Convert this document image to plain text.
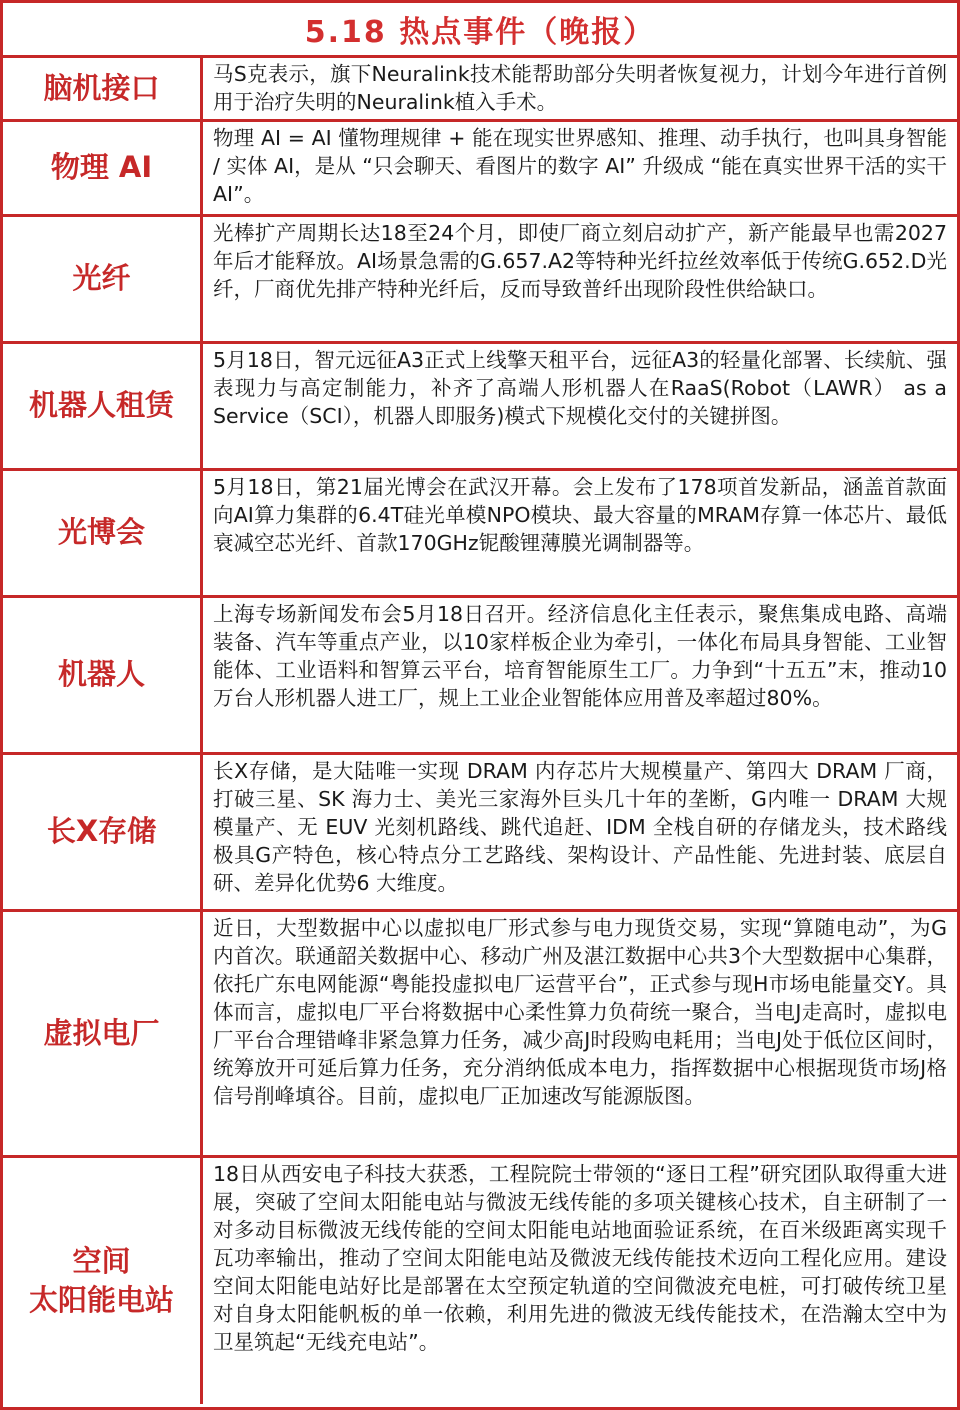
5.18 热点事件（晚报）
脑机接口	马S克表示，旗下Neuralink技术能帮助部分失明者恢复视力，计划今年进行首例用于治疗失明的Neuralink植入手术。
物理 AI
物理 AI = AI 懂物理规律 + 能在现实世界感知、推理、动手执行，也叫具身智能 / 实体 AI，是从 “只会聊天、看图片的数字 AI” 升级成 “能在真实世界干活的实干 AI”。
光纤
光棒扩产周期长达18至24个月，即使厂商立刻启动扩产，新产能最早也需2027年后才能释放。AI场景急需的G.657.A2等特种光纤拉丝效率低于传统G.652.D光纤，厂商优先排产特种光纤后，反而导致普纤出现阶段性供给缺口。
机器人租赁
5月18日，智元远征A3正式上线擎天租平台，远征A3的轻量化部署、长续航、强表现力与高定制能力，补齐了高端人形机器人在RaaS(Robot（LAWR） as a Service（SCI），机器人即服务)模式下规模化交付的关键拼图。
光博会
5月18日，第21届光博会在武汉开幕。会上发布了178项首发新品，涵盖首款面向AI算力集群的6.4T硅光单模NPO模块、最大容量的MRAM存算一体芯片、最低衰减空芯光纤、首款170GHz铌酸锂薄膜光调制器等。
机器人
上海专场新闻发布会5月18日召开。经济信息化主任表示，聚焦集成电路、高端装备、汽车等重点产业，以10家样板企业为牵引，一体化布局具身智能、工业智能体、工业语料和智算云平台，培育智能原生工厂。力争到“十五五”末，推动10万台人形机器人进工厂，规上工业企业智能体应用普及率超过80%。
长X存储
长X存储，是大陆唯一实现 DRAM 内存芯片大规模量产、第四大 DRAM 厂商，打破三星、SK 海力士、美光三家海外巨头几十年的垄断，G内唯一 DRAM 大规模量产、无 EUV 光刻机路线、跳代追赶、IDM 全栈自研的存储龙头，技术路线极具G产特色，核心特点分工艺路线、架构设计、产品性能、先进封装、底层自研、差异化优势6 大维度。
虚拟电厂
近日，大型数据中心以虚拟电厂形式参与电力现货交易，实现“算随电动”，为G内首次。联通韶关数据中心、移动广州及湛江数据中心共3个大型数据中心集群，依托广东电网能源“粤能投虚拟电厂运营平台”，正式参与现H市场电能量交Y。具体而言，虚拟电厂平台将数据中心柔性算力负荷统一聚合，当电J走高时，虚拟电厂平台合理错峰非紧急算力任务，减少高J时段购电耗用；当电J处于低位区间时，统筹放开可延后算力任务，充分消纳低成本电力，指挥数据中心根据现货市场J格信号削峰填谷。目前，虚拟电厂正加速改写能源版图。
空间
太阳能电站
18日从西安电子科技大获悉，工程院院士带领的“逐日工程”研究团队取得重大进展，突破了空间太阳能电站与微波无线传能的多项关键核心技术，自主研制了一对多动目标微波无线传能的空间太阳能电站地面验证系统，在百米级距离实现千瓦功率输出，推动了空间太阳能电站及微波无线传能技术迈向工程化应用。建设空间太阳能电站好比是部署在太空预定轨道的空间微波充电桩，可打破传统卫星对自身太阳能帆板的单一依赖，利用先进的微波无线传能技术，在浩瀚太空中为卫星筑起“无线充电站”。
